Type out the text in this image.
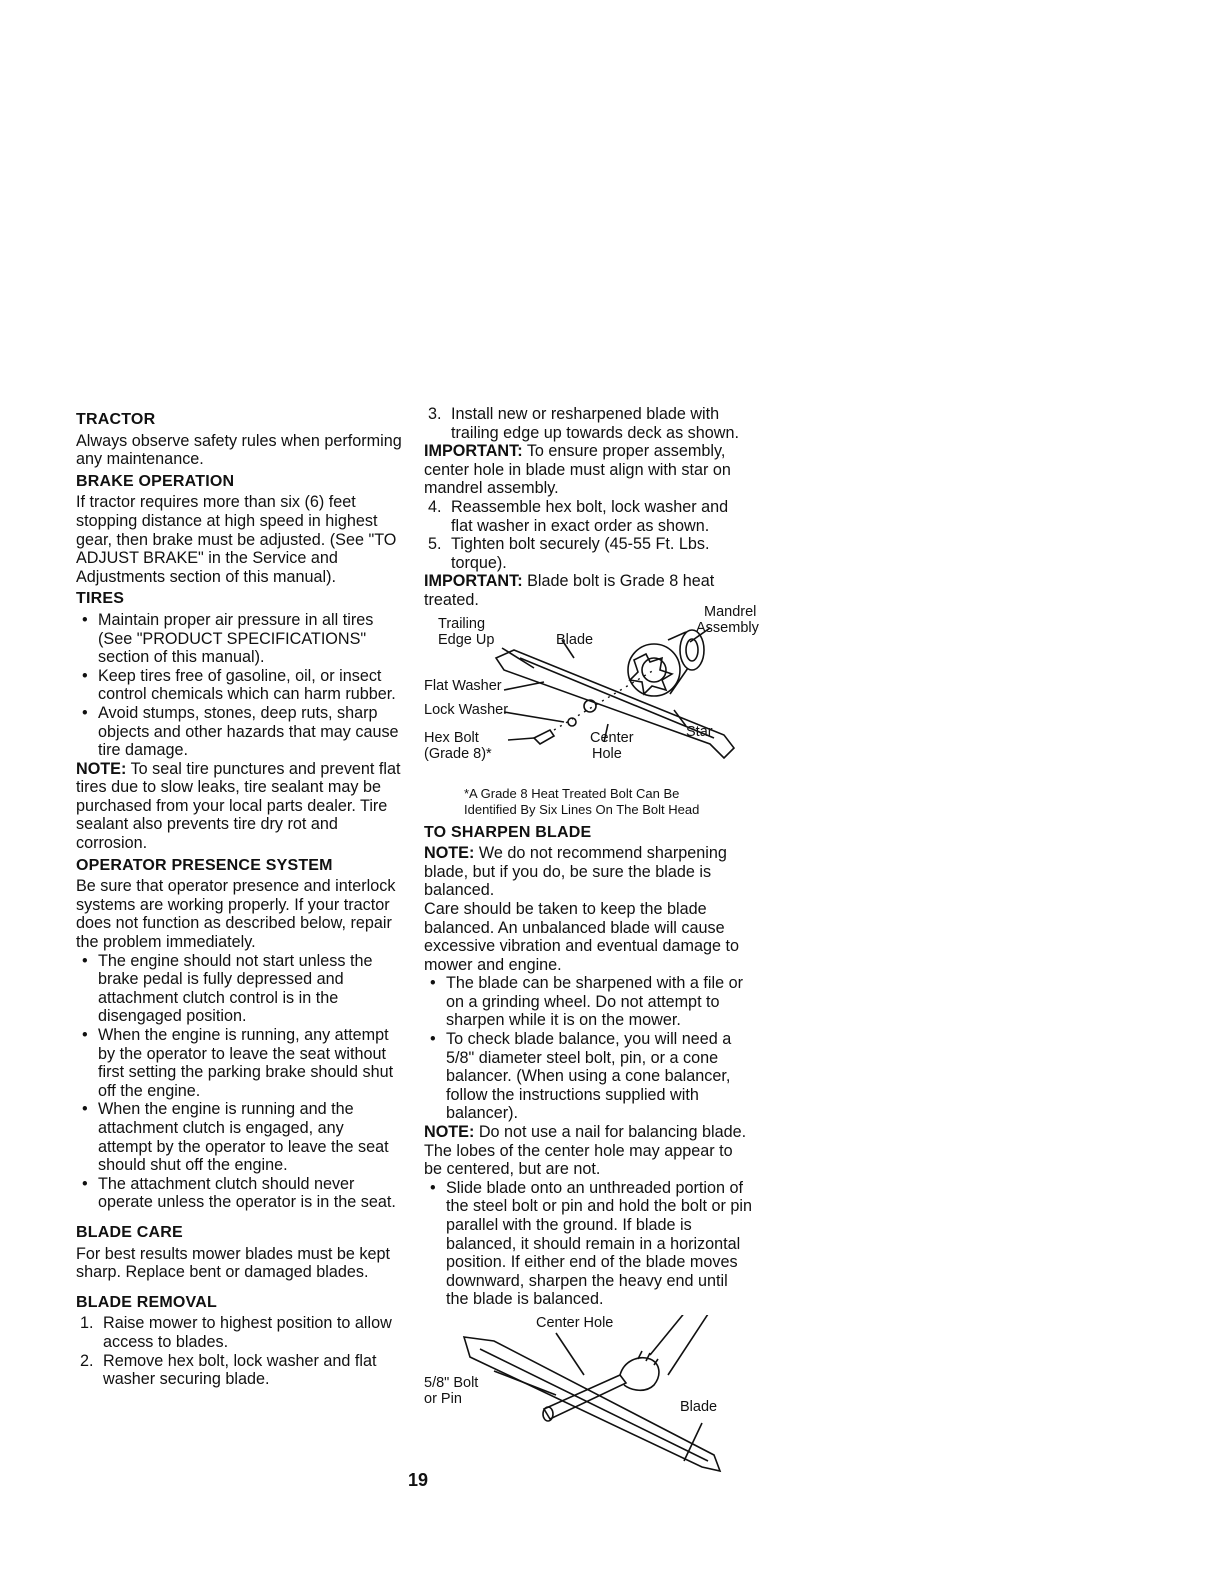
TRACTOR

Always observe safety rules when performing any maintenance.

BRAKE OPERATION

If tractor requires more than six (6) feet stopping distance at high speed in highest gear, then brake must be adjusted. (See "TO ADJUST BRAKE" in the Service and Adjustments section of this manual).

TIRES
• Maintain proper air pressure in all tires (See "PRODUCT SPECIFICATIONS" section of this manual).
• Keep tires free of gasoline, oil, or insect control chemicals which can harm rubber.
• Avoid stumps, stones, deep ruts, sharp objects and other hazards that may cause tire damage.

NOTE: To seal tire punctures and prevent flat tires due to slow leaks, tire sealant may be purchased from your local parts dealer. Tire sealant also prevents tire dry rot and corrosion.

OPERATOR PRESENCE SYSTEM

Be sure that operator presence and interlock systems are working properly. If your tractor does not function as described below, repair the problem immediately.

• The engine should not start unless the brake pedal is fully depressed and attachment clutch control is in the disengaged position.
• When the engine is running, any attempt by the operator to leave the seat without first setting the parking brake should shut off the engine.
• When the engine is running and the attachment clutch is engaged, any attempt by the operator to leave the seat should shut off the engine.
• The attachment clutch should never operate unless the operator is in the seat.
BLADE CARE

For best results mower blades must be kept sharp. Replace bent or damaged blades.

BLADE REMOVAL
1. Raise mower to highest position to allow access to blades.
2. Remove hex bolt, lock washer and flat washer securing blade.
3. Install new or resharpened blade with trailing edge up towards deck as shown.

IMPORTANT: To ensure proper assembly, center hole in blade must align with star on mandrel assembly.

4. Reassemble hex bolt, lock washer and flat washer in exact order as shown.
5. Tighten bolt securely (45-55 Ft. Lbs. torque).

IMPORTANT: Blade bolt is Grade 8 heat treated.

Mandrel
Assembly
Trailing
Edge Up	Blade
Flat Washer
Lock Washer
Star
Hex Bolt
(Grade 8)*
Center
Hole
*A Grade 8 Heat Treated Bolt Can Be
Identified By Six Lines On The Bolt Head
TO SHARPEN BLADE

NOTE: We do not recommend sharpening blade, but if you do, be sure the blade is balanced.

Care should be taken to keep the blade balanced. An unbalanced blade will cause excessive vibration and eventual damage to mower and engine.

• The blade can be sharpened with a file or on a grinding wheel. Do not attempt to sharpen while it is on the mower.
• To check blade balance, you will need a 5/8" diameter steel bolt, pin, or a cone balancer. (When using a cone balancer, follow the instructions supplied with balancer).

NOTE: Do not use a nail for balancing blade. The lobes of the center hole may appear to be centered, but are not.

• Slide blade onto an unthreaded portion of the steel bolt or pin and hold the bolt or pin parallel with the ground. If blade is balanced, it should remain in a horizontal position. If either end of the blade moves downward, sharpen the heavy end until the blade is balanced.
Center Hole
5/8" Bolt
or Pin	Blade
19
